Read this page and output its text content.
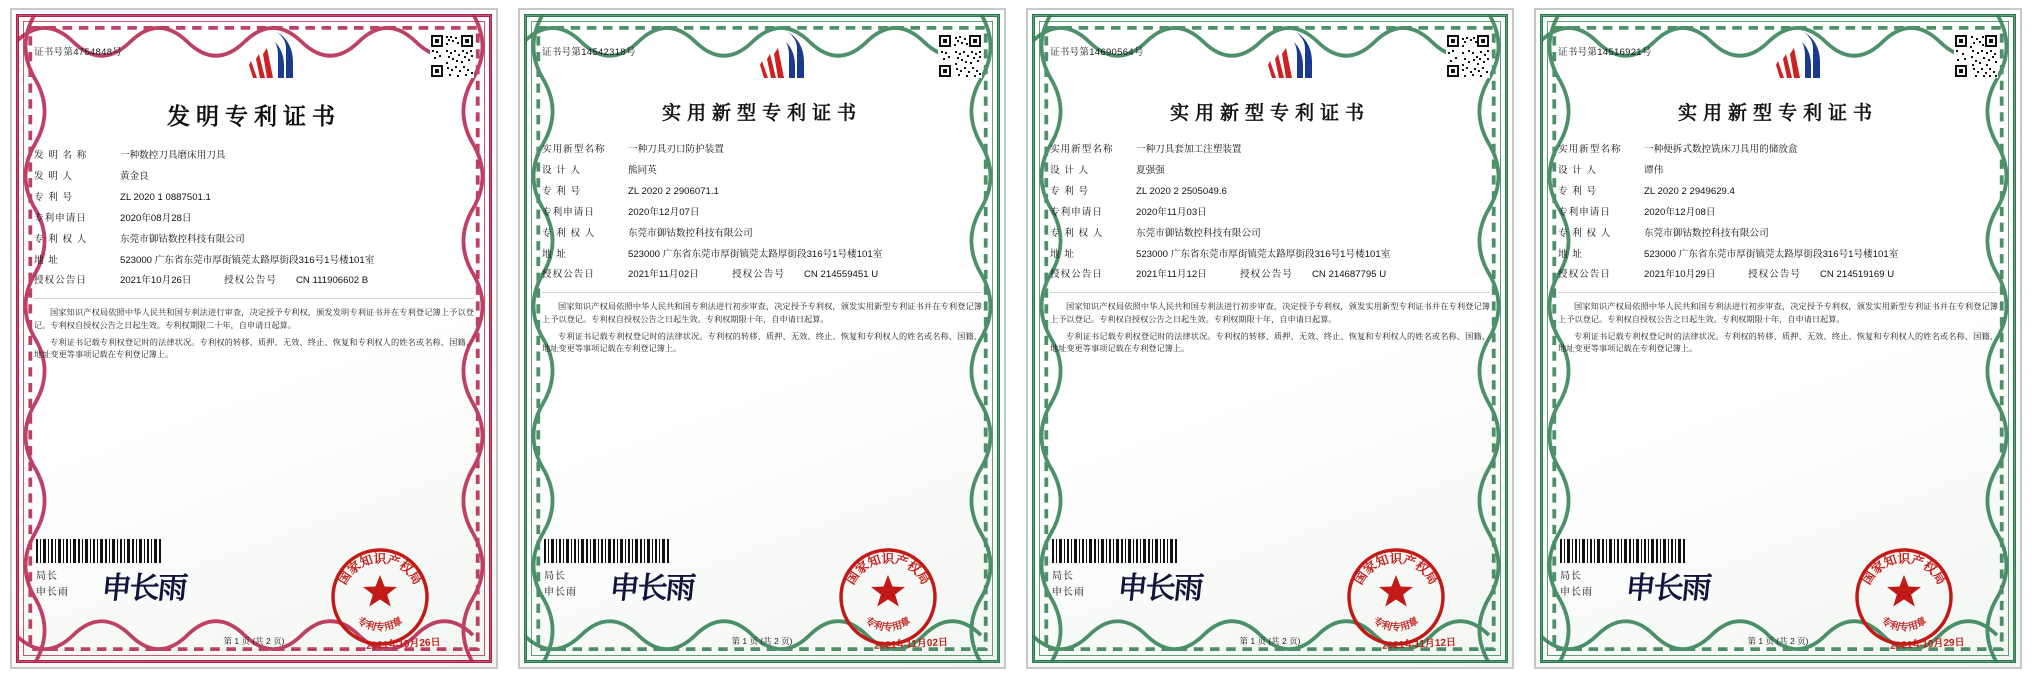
证书号第4754848号
发明专利证书
发 明 名 称	一种数控刀具磨床用刀具
发 明 人	黄金良
专 利 号	ZL 2020 1 0887501.1
专利申请日	2020年08月28日
专 利 权 人	东莞市御钴数控科技有限公司
地 址	523000 广东省东莞市厚街镇莞太路厚街段316号1号楼101室
授权公告日	2021年10月26日	授权公告号	CN 111906602 B

国家知识产权局依照中华人民共和国专利法进行审查，决定授予专利权，颁发发明专利证书并在专利登记簿上予以登记。专利权自授权公告之日起生效。专利权期限二十年，自申请日起算。

专利证书记载专利权登记时的法律状况。专利权的转移、质押、无效、终止、恢复和专利权人的姓名或名称、国籍、地址变更等事项记载在专利登记簿上。

局长
申长雨 申长雨	国家知识产权局
专利专用章
2021年10月26日
第 1 页 (共 2 页)
证书号第14542318号
实用新型专利证书
实用新型名称	一种刀具刃口防护装置
设 计 人	熊同英
专 利 号	ZL 2020 2 2906071.1
专利申请日	2020年12月07日
专 利 权 人	东莞市御钴数控科技有限公司
地 址	523000 广东省东莞市厚街镇莞太路厚街段316号1号楼101室
授权公告日	2021年11月02日	授权公告号	CN 214559451 U

国家知识产权局依照中华人民共和国专利法进行初步审查，决定授予专利权，颁发实用新型专利证书并在专利登记簿上予以登记。专利权自授权公告之日起生效。专利权期限十年，自申请日起算。

专利证书记载专利权登记时的法律状况。专利权的转移、质押、无效、终止、恢复和专利权人的姓名或名称、国籍、地址变更等事项记载在专利登记簿上。

局长
申长雨 申长雨	国家知识产权局
专利专用章
2021年11月02日
第 1 页 (共 2 页)
证书号第14690564号
实用新型专利证书
实用新型名称	一种刀具套加工注塑装置
设 计 人	夏强强
专 利 号	ZL 2020 2 2505049.6
专利申请日	2020年11月03日
专 利 权 人	东莞市御钴数控科技有限公司
地 址	523000 广东省东莞市厚街镇莞太路厚街段316号1号楼101室
授权公告日	2021年11月12日	授权公告号	CN 214687795 U

国家知识产权局依照中华人民共和国专利法进行初步审查，决定授予专利权，颁发实用新型专利证书并在专利登记簿上予以登记。专利权自授权公告之日起生效。专利权期限十年，自申请日起算。

专利证书记载专利权登记时的法律状况。专利权的转移、质押、无效、终止、恢复和专利权人的姓名或名称、国籍、地址变更等事项记载在专利登记簿上。

局长
申长雨 申长雨	国家知识产权局
专利专用章
2021年11月12日
第 1 页 (共 2 页)
证书号第14516921号
实用新型专利证书
实用新型名称	一种便拆式数控铣床刀具用的储放盒
设 计 人	谭伟
专 利 号	ZL 2020 2 2949629.4
专利申请日	2020年12月08日
专 利 权 人	东莞市御钴数控科技有限公司
地 址	523000 广东省东莞市厚街镇莞太路厚街段316号1号楼101室
授权公告日	2021年10月29日	授权公告号	CN 214519169 U

国家知识产权局依照中华人民共和国专利法进行初步审查，决定授予专利权，颁发实用新型专利证书并在专利登记簿上予以登记。专利权自授权公告之日起生效。专利权期限十年，自申请日起算。

专利证书记载专利权登记时的法律状况。专利权的转移、质押、无效、终止、恢复和专利权人的姓名或名称、国籍、地址变更等事项记载在专利登记簿上。

局长
申长雨 申长雨	国家知识产权局
专利专用章
2021年10月29日
第 1 页 (共 2 页)
